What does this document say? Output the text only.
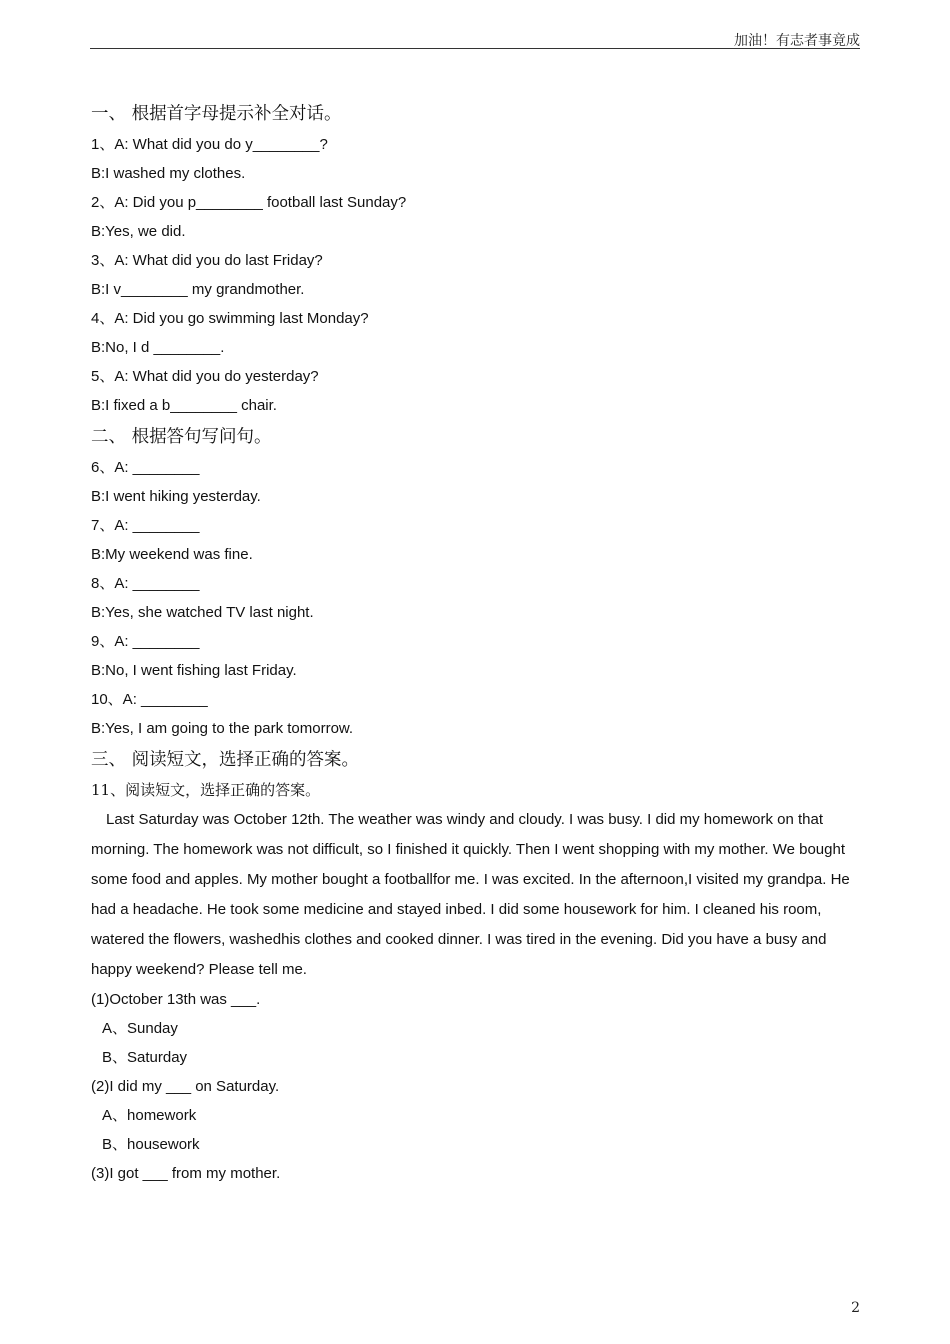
加油！有志者事竟成
一、 根据首字母提示补全对话。
1、A: What did you do y________?
B:I washed my clothes.
2、A: Did you p________ football last Sunday?
B:Yes, we did.
3、A: What did you do last Friday?
B:I v________ my grandmother.
4、A: Did you go swimming last Monday?
B:No, I d ________.
5、A: What did you do yesterday?
B:I fixed a b________ chair.
二、 根据答句写问句。
6、A: ________
B:I went hiking yesterday.
7、A: ________
B:My weekend was fine.
8、A: ________
B:Yes, she watched TV last night.
9、A: ________
B:No, I went fishing last Friday.
10、A: ________
B:Yes, I am going to the park tomorrow.
三、 阅读短文，选择正确的答案。
11、阅读短文，选择正确的答案。

Last Saturday was October 12th. The weather was windy and cloudy. I was busy. I did my homework on that morning. The homework was not difficult, so I finished it quickly. Then I went shopping with my mother. We bought some food and apples. My mother bought a footballfor me. I was excited. In the afternoon,I visited my grandpa. He had a headache. He took some medicine and stayed inbed. I did some housework for him. I cleaned his room, watered the flowers, washedhis clothes and cooked dinner. I was tired in the evening. Did you have a busy and happy weekend? Please tell me.

(1)October 13th was ___.
A、Sunday
B、Saturday
(2)I did my ___ on Saturday.
A、homework
B、housework
(3)I got ___ from my mother.
2
